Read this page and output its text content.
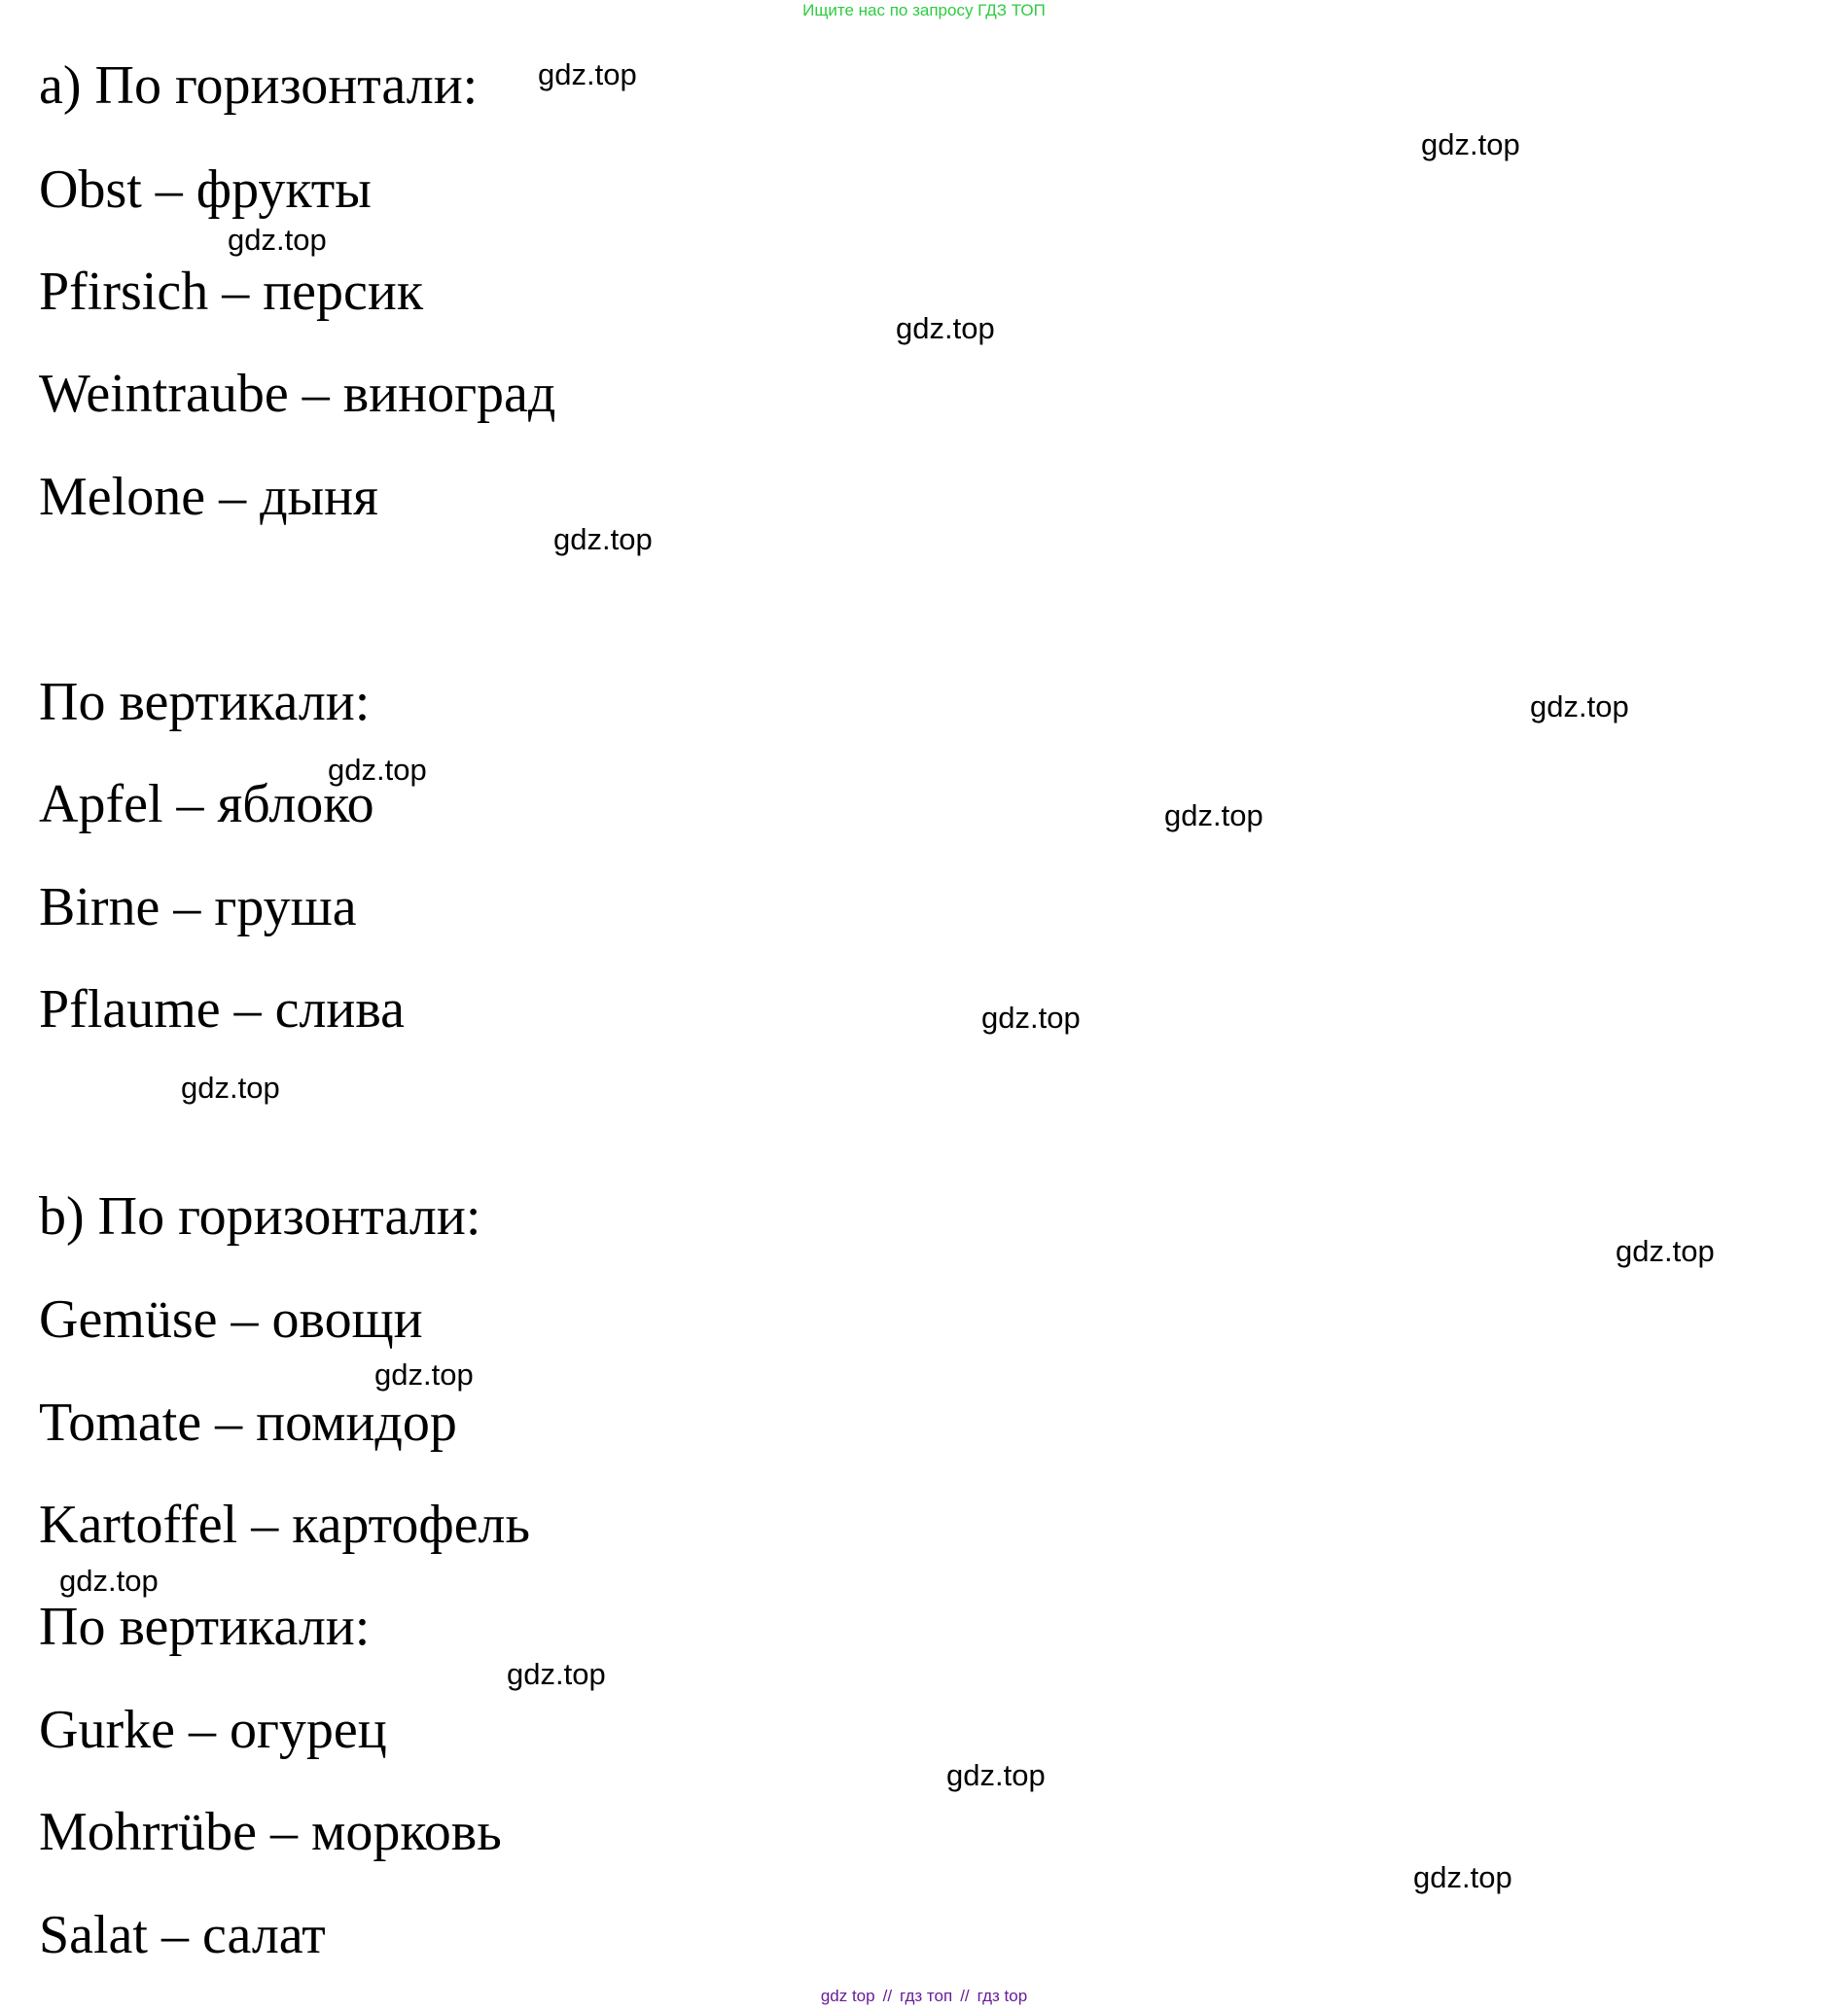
Ищите нас по запросу ГДЗ ТОП
a) По горизонтали:
Obst – фрукты
Pfirsich – персик
Weintraube – виноград
Melone – дыня
По вертикали:
Apfel – яблоко
Birne – груша
Pflaume – слива
b) По горизонтали:
Gemüse – овощи
Tomate – помидор
Kartoffel – картофель
По вертикали:
Gurke – огурец
Mohrrübe – морковь
Salat – салат
gdz.top
gdz.top
gdz.top
gdz.top
gdz.top
gdz.top
gdz.top
gdz.top
gdz.top
gdz.top
gdz.top
gdz.top
gdz.top
gdz.top
gdz.top
gdz.top
gdz top // гдз топ // гдз top
